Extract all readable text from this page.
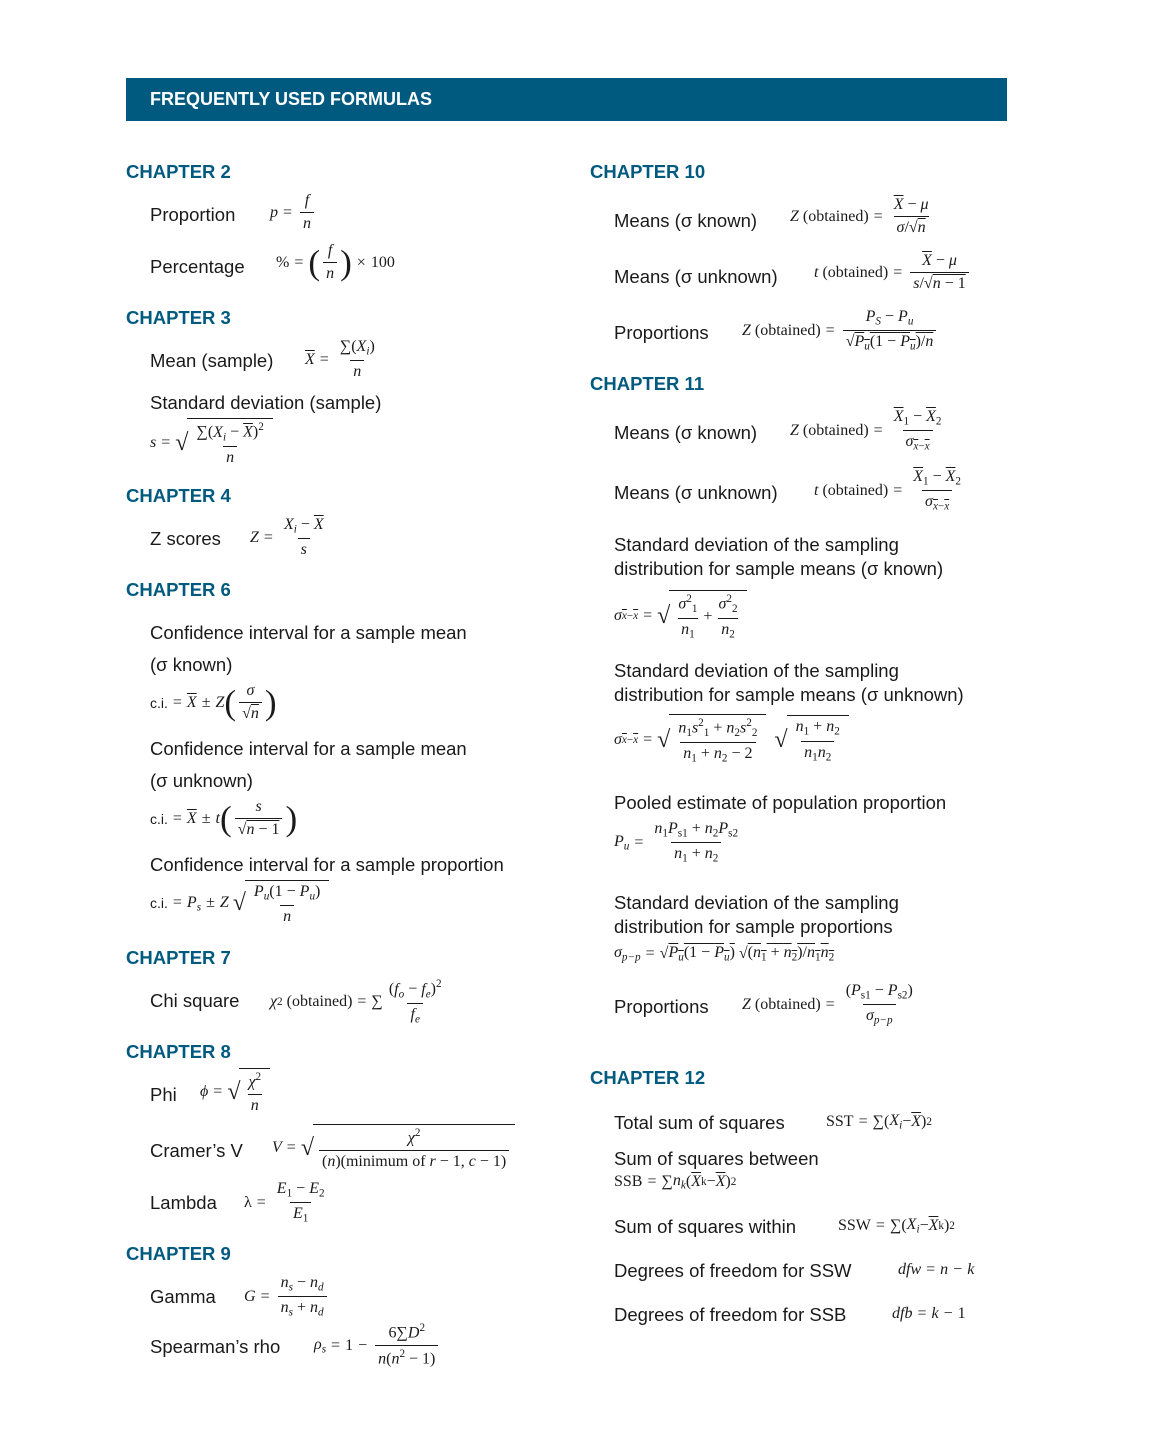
FREQUENTLY USED FORMULAS
CHAPTER 2
Proportion $p = \frac{f}{n}$
Percentage % = ( f
n ) × 100
CHAPTER 3
Mean (sample) $\overline{X} = \frac{\sum(X_i)}{n}$
Standard deviation (sample)
s = √ $\sum(X_i - \overline{X})^2$
n
CHAPTER 4
Z scores $Z = \frac{X_i - \overline{X}}{s}$
CHAPTER 6
Confidence interval for a sample mean
(σ known)
c.i. = $\overline{X} \pm Z$ ( σ
√n )
Confidence interval for a sample mean
(σ unknown)
c.i. = $\overline{X} \pm t$ ( s
√n − 1 )
Confidence interval for a sample proportion
c.i. = $P_s \pm Z$ √ $P_u(1 - P_u)$
n
CHAPTER 7
Chi square χ 2 (obtained) = ∑ $\frac{(f_o - f_e)^2}{f_e}$
CHAPTER 8
Phi ϕ = √ $\chi^2$
n
Cramer’s V V = √	$\chi^2$
(n)(minimum of r − 1, c − 1)
Lambda $\lambda = \frac{E_1 - E_2}{E_1}$
CHAPTER 9
Gamma $G = \frac{n_s - n_d}{n_s + n_d}$
Spearman’s rho $\rho_s = 1 - \frac{6\sum D^2}{n(n^2 - 1)}$
CHAPTER 10
Means (σ known) Z (obtained) = $\frac{\overline{X} - \mu}{\sigma/√n}$
Means (σ unknown) t (obtained) = $\frac{\overline{X} - \mu}{s/√n - 1}$
Proportions Z (obtained) = $\frac{P_S - P_u}{√P_u(1 - P_u)/n}$
CHAPTER 11
Means (σ known) Z (obtained) = $\frac{\overline{X}_1 - \overline{X}_2}{\sigma_{\overline{x}-\overline{x}}}$
Means (σ unknown) t (obtained) = $\frac{\overline{X}_1 - \overline{X}_2}{\sigma_{\overline{x}-\overline{x}}}$
Standard deviation of the sampling
distribution for sample means (σ known)
σ $\overline{x}-\overline{x}$ = √ $\sigma^2_1$
$n_1$
+
$\sigma^2_2$
$n_2$
Standard deviation of the sampling
distribution for sample means (σ unknown)
σ $\overline{x}-\overline{x}$ = √ $n_1s^2_1 + n_2s^2_2$
$n_1 + n_2 - 2$
√ $n_1 + n_2$
$n_1n_2$
Pooled estimate of population proportion
$P_u = \frac{n_1P_{s1} + n_2P_{s2}}{n_1 + n_2}$
Standard deviation of the sampling
distribution for sample proportions
$\sigma_{p-p}$ = √ $P_u(1 - P_u)$ √ $(n_1 + n_2)/n_1n_2$
Proportions Z (obtained) = $\frac{(P_{s1} - P_{s2})}{\sigma_{p-p}}$
CHAPTER 12
Total sum of squares	SST = ∑( $X_i - \overline{X}$ ) 2
Sum of squares between
SSB = ∑ $n_k$ ( $\overline{X}$ $k - \overline{X}$ ) 2
Sum of squares within	SSW = ∑( $X_i - \overline{X}$ k ) 2
Degrees of freedom for SSW	dfw = n − k
Degrees of freedom for SSB	dfb = k − 1
